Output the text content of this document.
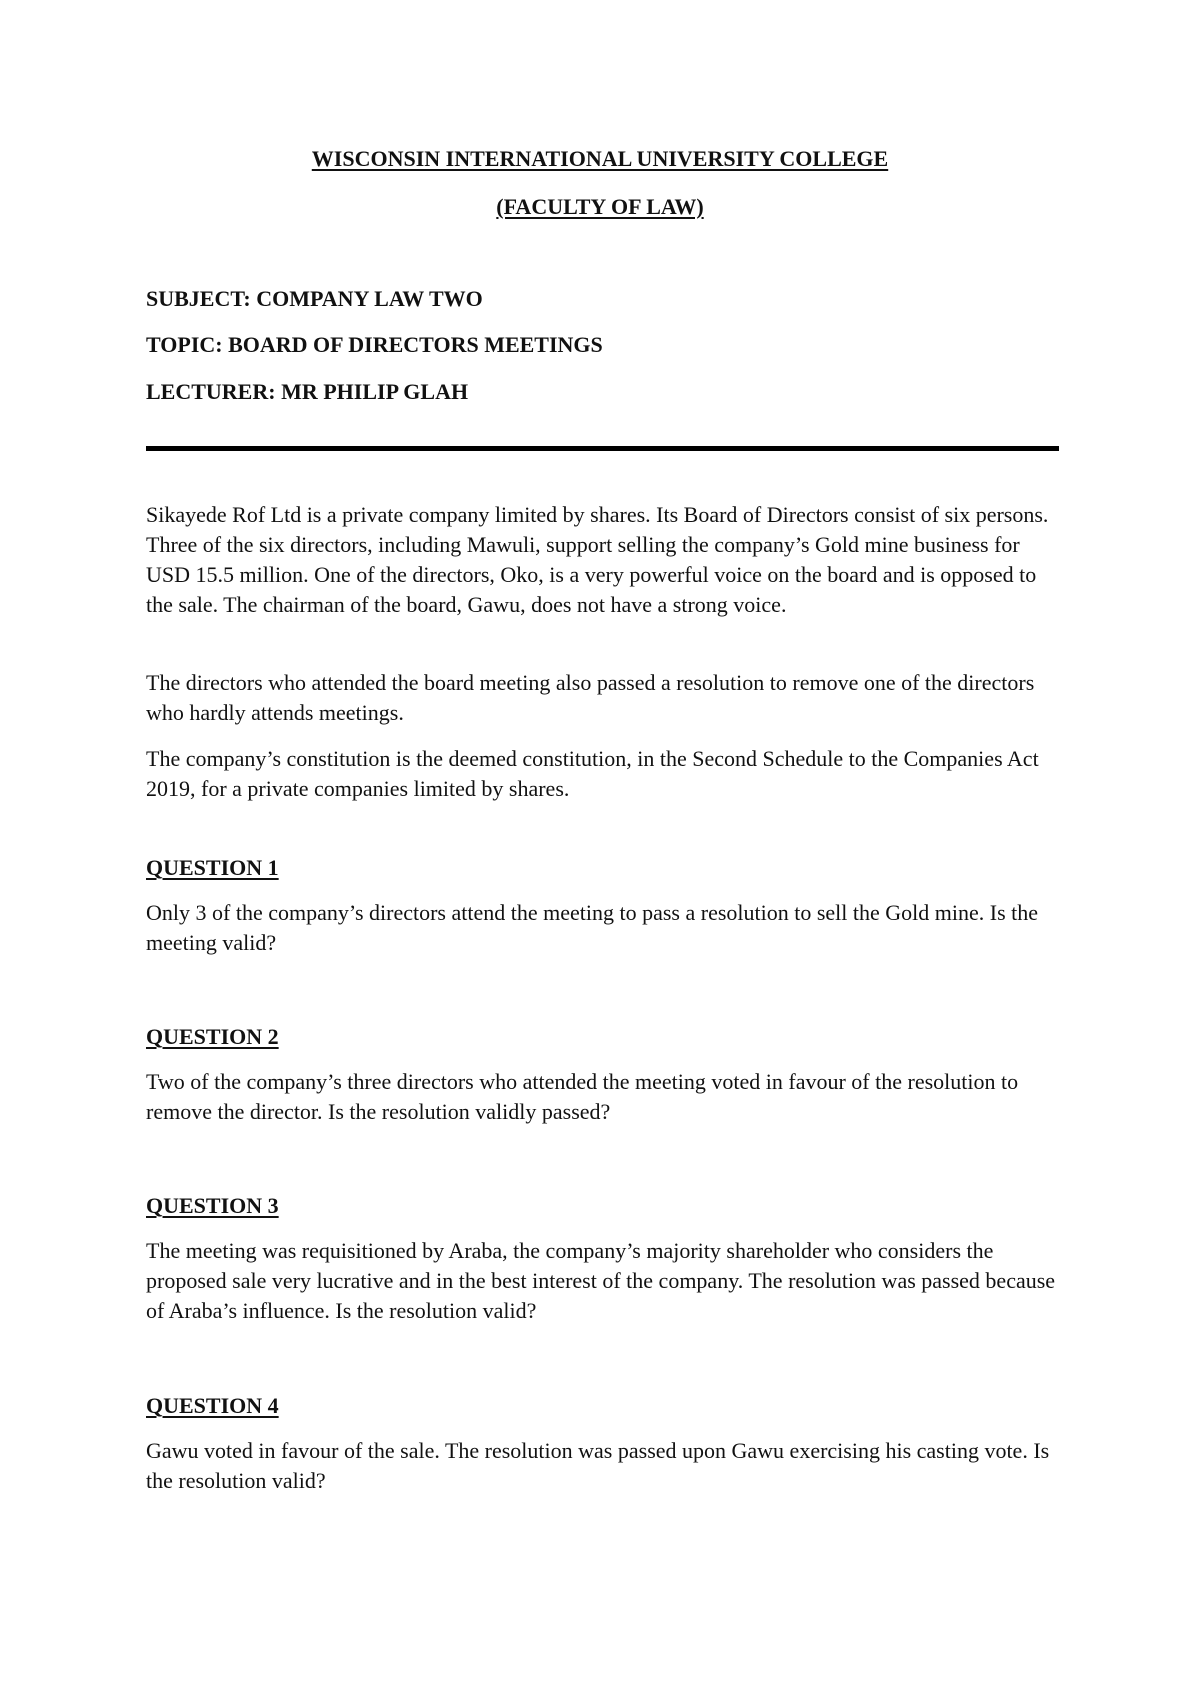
WISCONSIN INTERNATIONAL UNIVERSITY COLLEGE
(FACULTY OF LAW)
SUBJECT: COMPANY LAW TWO
TOPIC: BOARD OF DIRECTORS MEETINGS
LECTURER: MR PHILIP GLAH
Sikayede Rof Ltd is a private company limited by shares. Its Board of Directors consist of six persons. Three of the six directors, including Mawuli, support selling the company’s Gold mine business for USD 15.5 million. One of the directors, Oko, is a very powerful voice on the board and is opposed to the sale. The chairman of the board, Gawu, does not have a strong voice.
The directors who attended the board meeting also passed a resolution to remove one of the directors who hardly attends meetings.
The company’s constitution is the deemed constitution, in the Second Schedule to the Companies Act 2019, for a private companies limited by shares.
QUESTION 1
Only 3 of the company’s directors attend the meeting to pass a resolution to sell the Gold mine. Is the meeting valid?
QUESTION 2
Two of the company’s three directors who attended the meeting voted in favour of the resolution to remove the director. Is the resolution validly passed?
QUESTION 3
The meeting was requisitioned by Araba, the company’s majority shareholder who considers the proposed sale very lucrative and in the best interest of the company. The resolution was passed because of Araba’s influence. Is the resolution valid?
QUESTION 4
Gawu voted in favour of the sale. The resolution was passed upon Gawu exercising his casting vote. Is the resolution valid?
